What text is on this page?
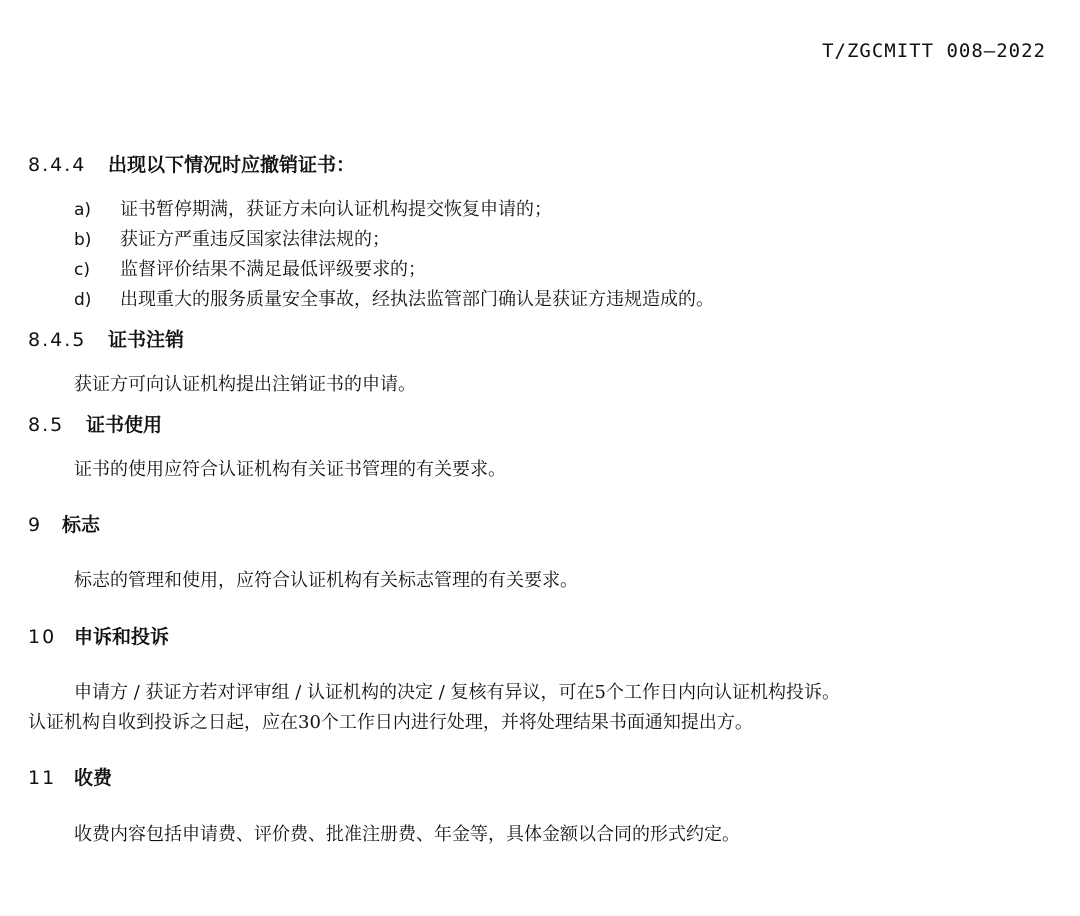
T/ZGCMITT 008—2022
8.4.4 出现以下情况时应撤销证书：
a) 证书暂停期满，获证方未向认证机构提交恢复申请的；
b) 获证方严重违反国家法律法规的；
c) 监督评价结果不满足最低评级要求的；
d) 出现重大的服务质量安全事故，经执法监管部门确认是获证方违规造成的。
8.4.5 证书注销
获证方可向认证机构提出注销证书的申请。
8.5 证书使用
证书的使用应符合认证机构有关证书管理的有关要求。
9 标志
标志的管理和使用，应符合认证机构有关标志管理的有关要求。
10 申诉和投诉
申请方 / 获证方若对评审组 / 认证机构的决定 / 复核有异议，可在5个工作日内向认证机构投诉。
认证机构自收到投诉之日起，应在30个工作日内进行处理，并将处理结果书面通知提出方。
11 收费
收费内容包括申请费、评价费、批准注册费、年金等，具体金额以合同的形式约定。
